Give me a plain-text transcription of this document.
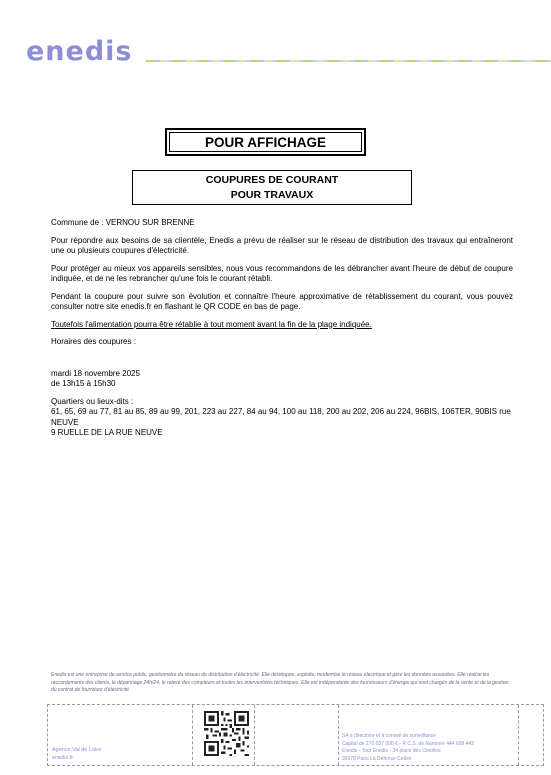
enedis
POUR AFFICHAGE
COUPURES DE COURANT
POUR TRAVAUX

Commune de : VERNOU SUR BRENNE

Pour répondre aux besoins de sa clientèle, Enedis a prévu de réaliser sur le réseau de distribution des travaux qui entraîneront une ou plusieurs coupures d'électricité.

Pour protéger au mieux vos appareils sensibles, nous vous recommandons de les débrancher avant l'heure de début de coupure indiquée, et de ne les rebrancher qu'une fois le courant rétabli.

Pendant la coupure pour suivre son évolution et connaître l'heure approximative de rétablissement du courant, vous pouvez consulter notre site enedis.fr en flashant le QR CODE en bas de page.

Toutefois l'alimentation pourra être rétablie à tout moment avant la fin de la plage indiquée.

Horaires des coupures :

mardi 18 novembre 2025

de 13h15 à 15h30

Quartiers ou lieux-dits :

61, 65, 69 au 77, 81 au 85, 89 au 99, 201, 223 au 227, 84 au 94, 100 au 118, 200 au 202, 206 au 224, 96BIS, 106TER, 90BIS rue NEUVE

9 RUELLE DE LA RUE NEUVE

Enedis est une entreprise de service public, gestionnaire du réseau de distribution d'électricité. Elle développe, exploite, modernise le réseau électrique et gère les données associées. Elle réalise les raccordements des clients, le dépannage 24h/24, le relevé des compteurs et toutes les interventions techniques. Elle est indépendante des fournisseurs d'énergie qui sont chargés de la vente et de la gestion du contrat de fourniture d'électricité.
Agence Val de Loire
enedis.fr
SA à directoire et à conseil de surveillance
Capital de 270 037 000 € - R.C.S. de Nanterre 444 608 442
Enedis - Tour Enedis - 34 place des Corolles
92079 Paris La Défense Cedex
